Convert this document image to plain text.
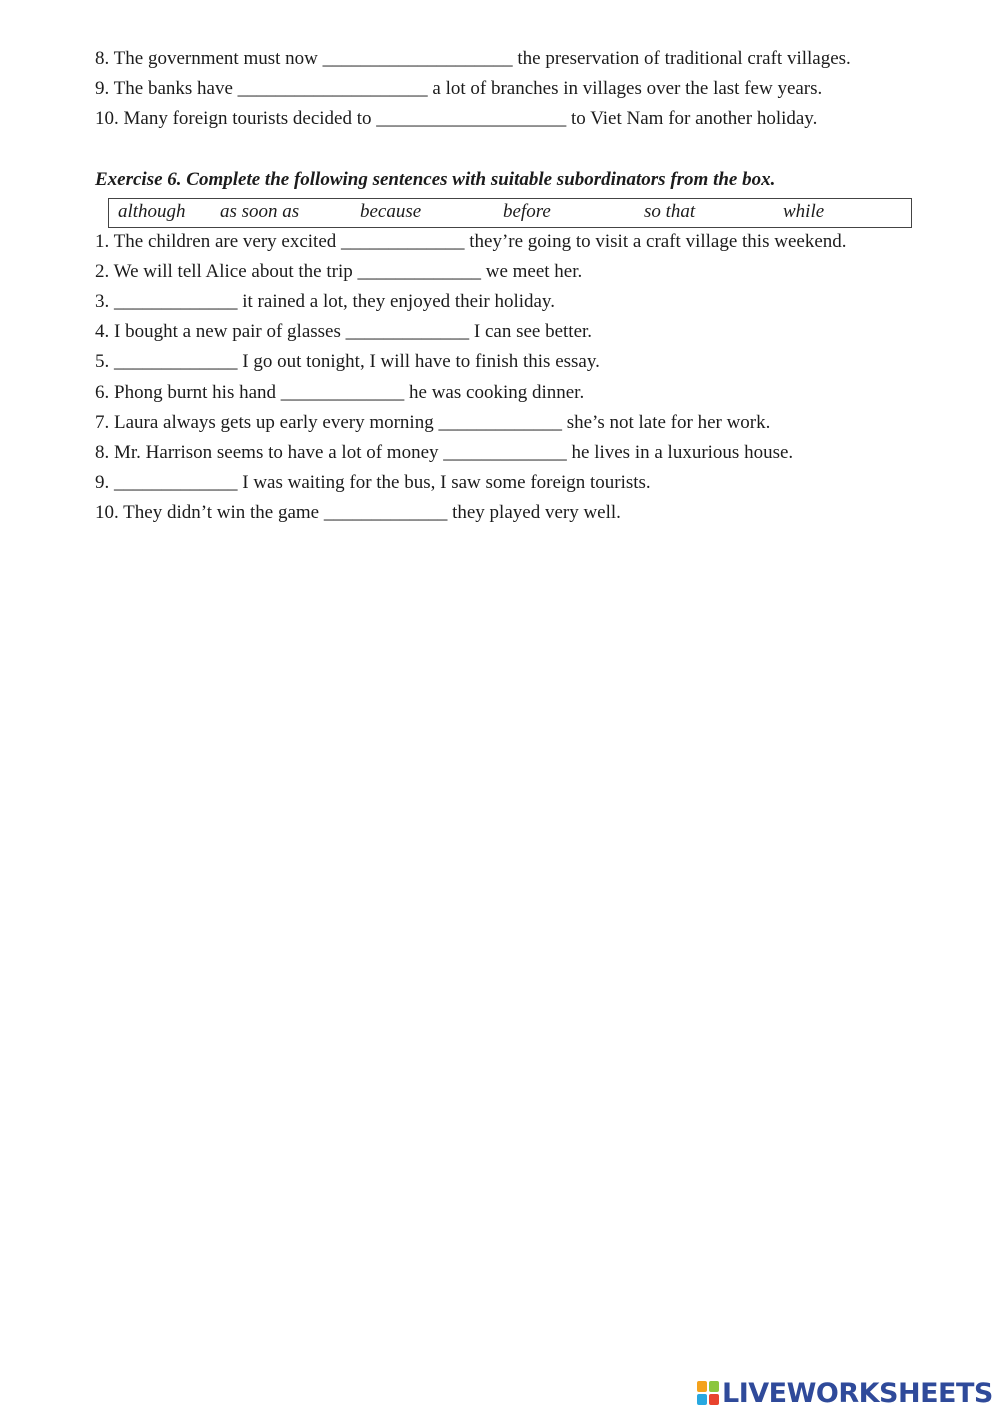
8. The government must now ____________________ the preservation of traditional craft villages.
9. The banks have ____________________ a lot of branches in villages over the last few years.
10. Many foreign tourists decided to ____________________ to Viet Nam for another holiday.
Exercise 6. Complete the following sentences with suitable subordinators from the box.
although as soon as	because	before	so that	while
1. The children are very excited _____________ they’re going to visit a craft village this weekend.
2. We will tell Alice about the trip _____________ we meet her.
3. _____________ it rained a lot, they enjoyed their holiday.
4. I bought a new pair of glasses _____________ I can see better.
5. _____________ I go out tonight, I will have to finish this essay.
6. Phong burnt his hand _____________ he was cooking dinner.
7. Laura always gets up early every morning _____________ she’s not late for her work.
8. Mr. Harrison seems to have a lot of money _____________ he lives in a luxurious house.
9. _____________ I was waiting for the bus, I saw some foreign tourists.
10. They didn’t win the game _____________ they played very well.
LIVEWORKSHEETS
